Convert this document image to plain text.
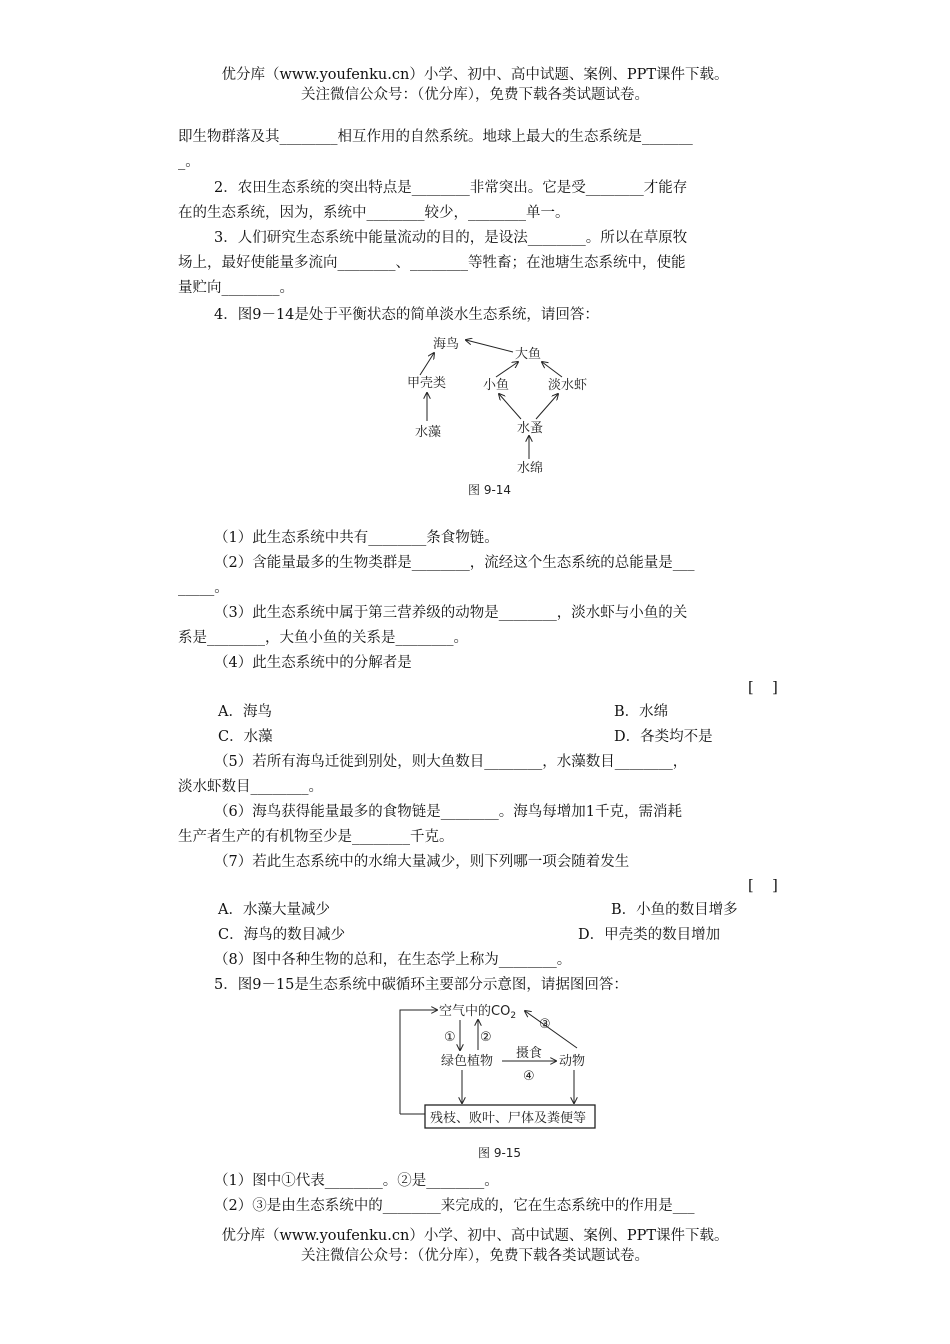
优分库（www.youfenku.cn）小学、初中、高中试题、案例、PPT课件下载。
关注微信公众号：（优分库），免费下载各类试题试卷。
即生物群落及其________相互作用的自然系统。地球上最大的生态系统是_______
_。
2．农田生态系统的突出特点是________非常突出。它是受________才能存
在的生态系统，因为，系统中________较少，________单一。
3．人们研究生态系统中能量流动的目的，是设法________。所以在草原牧
场上，最好使能量多流向________、________等牲畜；在池塘生态系统中，使能
量贮向________。
4．图9－14是处于平衡状态的简单淡水生态系统，请回答：
海鸟
大鱼
甲壳类	小鱼	淡水虾
水藻	水蚤
水绵
图 9-14
（1）此生态系统中共有________条食物链。
（2）含能量最多的生物类群是________，流经这个生态系统的总能量是___
_____。
（3）此生态系统中属于第三营养级的动物是________，淡水虾与小鱼的关
系是________，大鱼小鱼的关系是________。
（4）此生态系统中的分解者是
[    ]
A．海鸟	B．水绵
C．水藻	D．各类均不是
（5）若所有海鸟迁徙到别处，则大鱼数目________，水藻数目________，
淡水虾数目________。
（6）海鸟获得能量最多的食物链是________。海鸟每增加1千克，需消耗
生产者生产的有机物至少是________千克。
（7）若此生态系统中的水绵大量减少，则下列哪一项会随着发生
[    ]
A．水藻大量减少	B．小鱼的数目增多
C．海鸟的数目减少	D．甲壳类的数目增加
（8）图中各种生物的总和，在生态学上称为________。
5．图9－15是生态系统中碳循环主要部分示意图，请据图回答：
空气中的$CO_2$
绿色植物	动物
摄食
① ②
③
④
残枝、败叶、尸体及粪便等
图 9-15
（1）图中①代表________。②是________。
（2）③是由生态系统中的________来完成的，它在生态系统中的作用是___
优分库（www.youfenku.cn）小学、初中、高中试题、案例、PPT课件下载。
关注微信公众号：（优分库），免费下载各类试题试卷。
